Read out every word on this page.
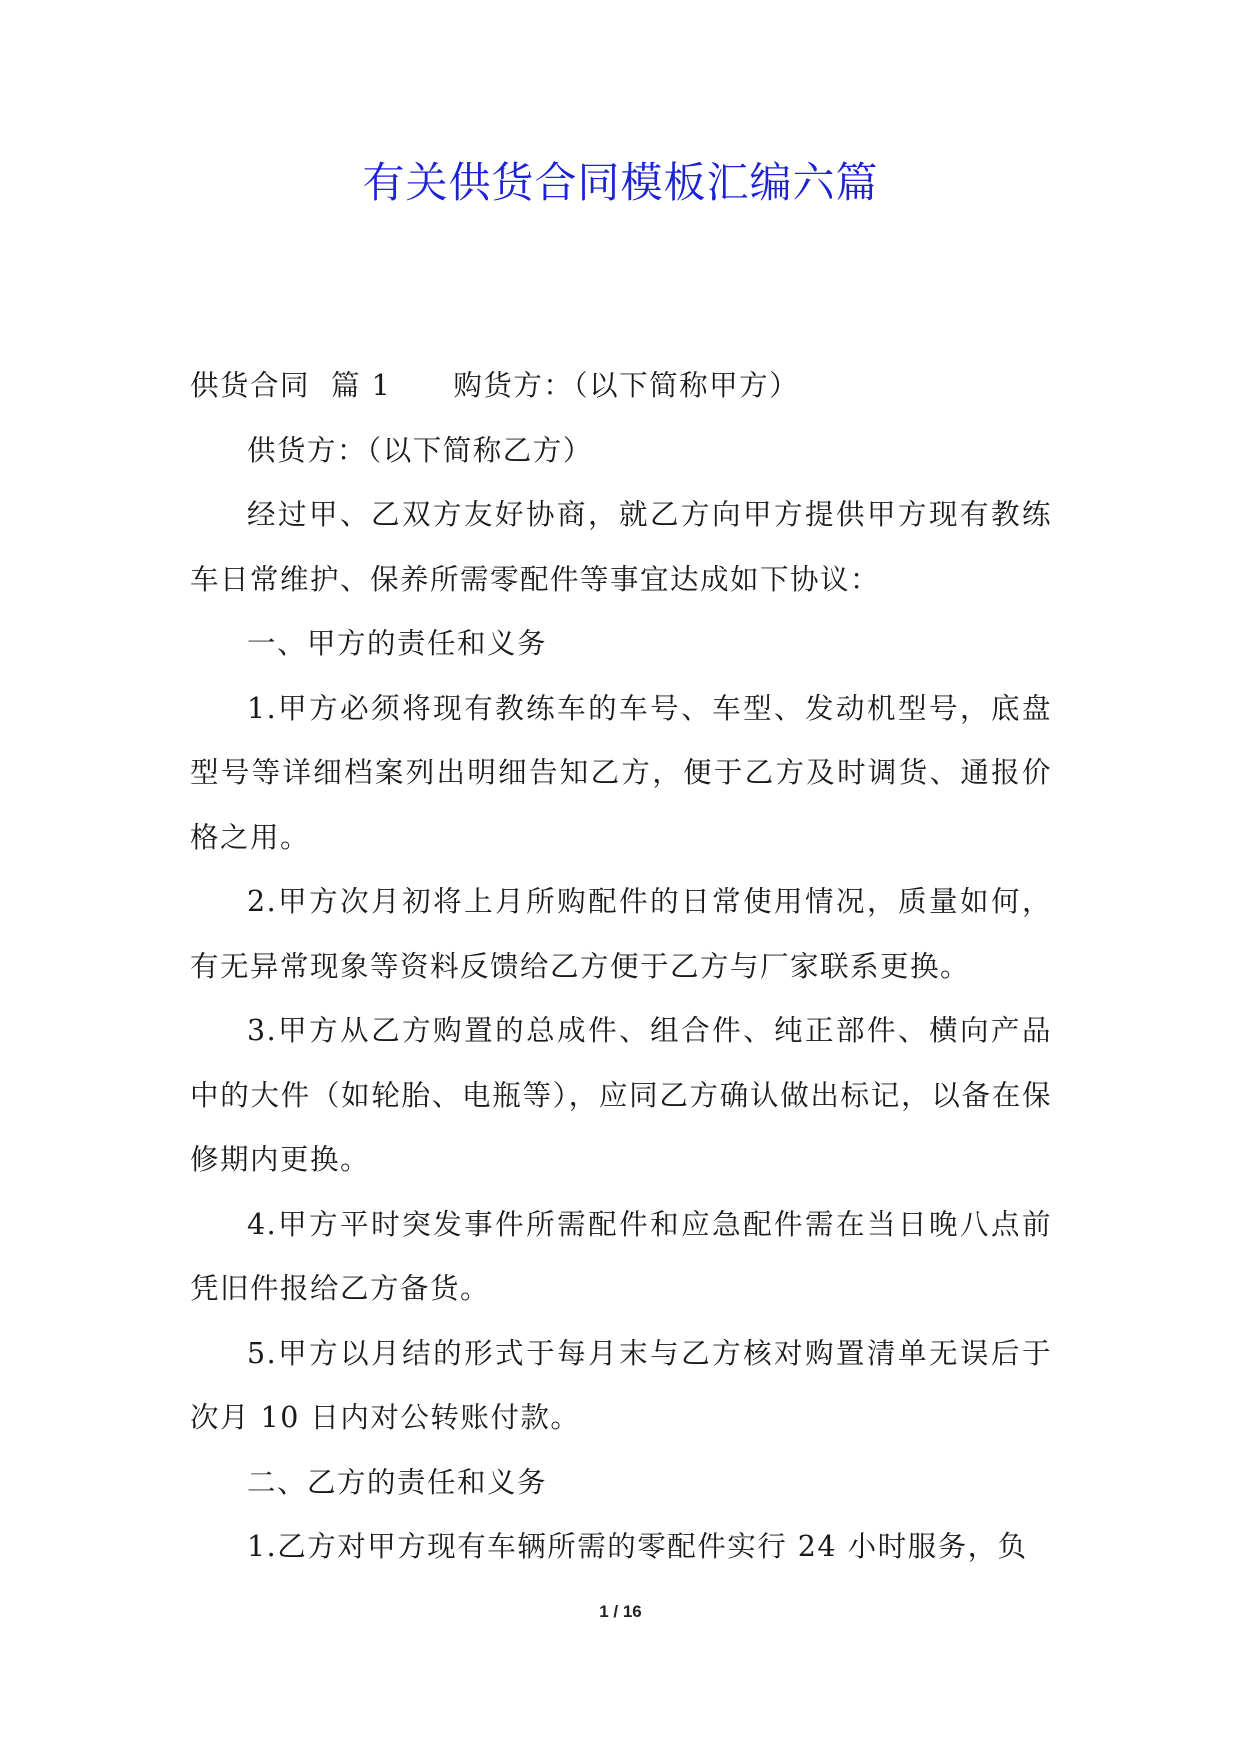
有关供货合同模板汇编六篇

供货合同  篇 1 购货方：（以下简称甲方）

供货方：（以下简称乙方）

经过甲、乙双方友好协商，就乙方向甲方提供甲方现有教练车日常维护、保养所需零配件等事宜达成如下协议：

一、甲方的责任和义务

1.甲方必须将现有教练车的车号、车型、发动机型号，底盘型号等详细档案列出明细告知乙方，便于乙方及时调货、通报价格之用。

2.甲方次月初将上月所购配件的日常使用情况，质量如何，有无异常现象等资料反馈给乙方便于乙方与厂家联系更换。

3.甲方从乙方购置的总成件、组合件、纯正部件、横向产品中的大件（如轮胎、电瓶等），应同乙方确认做出标记，以备在保修期内更换。

4.甲方平时突发事件所需配件和应急配件需在当日晚八点前凭旧件报给乙方备货。

5.甲方以月结的形式于每月末与乙方核对购置清单无误后于次月 10 日内对公转账付款。

二、乙方的责任和义务

1.乙方对甲方现有车辆所需的零配件实行 24 小时服务，负

1 / 16
